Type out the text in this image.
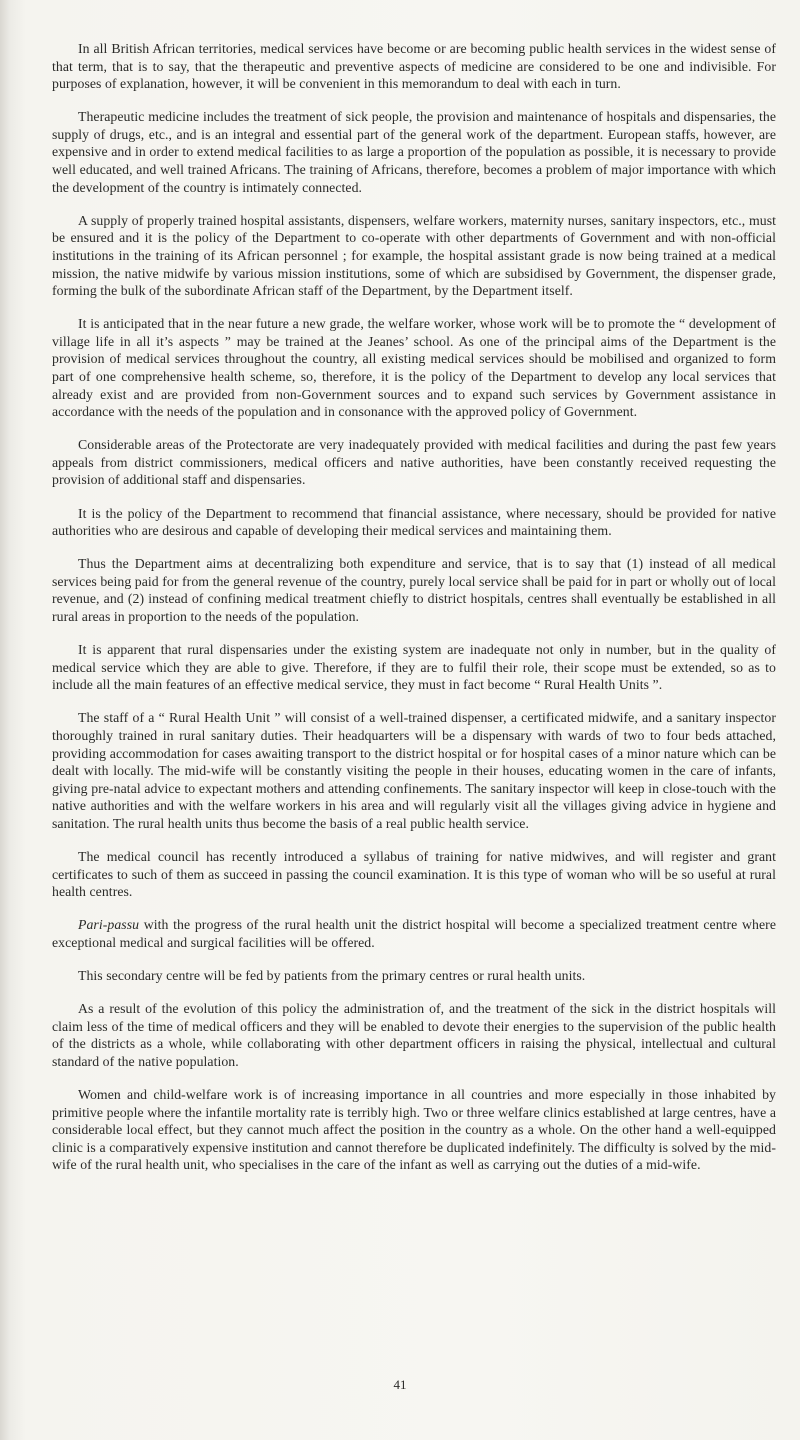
In all British African territories, medical services have become or are becoming public health services in the widest sense of that term, that is to say, that the therapeutic and preventive aspects of medicine are considered to be one and indivisible. For purposes of explanation, however, it will be convenient in this memorandum to deal with each in turn.

Therapeutic medicine includes the treatment of sick people, the provision and maintenance of hospitals and dispensaries, the supply of drugs, etc., and is an integral and essential part of the general work of the department. European staffs, however, are expensive and in order to extend medical facilities to as large a proportion of the population as possible, it is necessary to provide well educated, and well trained Africans. The training of Africans, therefore, becomes a problem of major importance with which the development of the country is intimately connected.

A supply of properly trained hospital assistants, dispensers, welfare workers, maternity nurses, sanitary inspectors, etc., must be ensured and it is the policy of the Department to co-operate with other departments of Government and with non-official institutions in the training of its African personnel ; for example, the hospital assistant grade is now being trained at a medical mission, the native midwife by various mission institutions, some of which are subsidised by Government, the dispenser grade, forming the bulk of the subordinate African staff of the Department, by the Department itself.

It is anticipated that in the near future a new grade, the welfare worker, whose work will be to promote the “ development of village life in all it’s aspects ” may be trained at the Jeanes’ school. As one of the principal aims of the Department is the provision of medical services throughout the country, all existing medical services should be mobilised and organized to form part of one comprehensive health scheme, so, therefore, it is the policy of the Department to develop any local services that already exist and are provided from non-Government sources and to expand such services by Government assistance in accordance with the needs of the population and in consonance with the approved policy of Government.

Considerable areas of the Protectorate are very inadequately provided with medical facilities and during the past few years appeals from district commissioners, medical officers and native authorities, have been constantly received requesting the provision of additional staff and dispensaries.

It is the policy of the Department to recommend that financial assistance, where necessary, should be provided for native authorities who are desirous and capable of developing their medical services and maintaining them.

Thus the Department aims at decentralizing both expenditure and service, that is to say that (1) instead of all medical services being paid for from the general revenue of the country, purely local service shall be paid for in part or wholly out of local revenue, and (2) instead of confining medical treatment chiefly to district hospitals, centres shall eventually be established in all rural areas in proportion to the needs of the population.

It is apparent that rural dispensaries under the existing system are inadequate not only in number, but in the quality of medical service which they are able to give. Therefore, if they are to fulfil their role, their scope must be extended, so as to include all the main features of an effective medical service, they must in fact become “ Rural Health Units ”.

The staff of a “ Rural Health Unit ” will consist of a well-trained dispenser, a certificated midwife, and a sanitary inspector thoroughly trained in rural sanitary duties. Their headquarters will be a dispensary with wards of two to four beds attached, providing accommodation for cases awaiting transport to the district hospital or for hospital cases of a minor nature which can be dealt with locally. The mid-wife will be constantly visiting the people in their houses, educating women in the care of infants, giving pre-natal advice to expectant mothers and attending confinements. The sanitary inspector will keep in close-touch with the native authorities and with the welfare workers in his area and will regularly visit all the villages giving advice in hygiene and sanitation. The rural health units thus become the basis of a real public health service.

The medical council has recently introduced a syllabus of training for native midwives, and will register and grant certificates to such of them as succeed in passing the council examination. It is this type of woman who will be so useful at rural health centres.

Pari-passu with the progress of the rural health unit the district hospital will become a specialized treatment centre where exceptional medical and surgical facilities will be offered.

This secondary centre will be fed by patients from the primary centres or rural health units.

As a result of the evolution of this policy the administration of, and the treatment of the sick in the district hospitals will claim less of the time of medical officers and they will be enabled to devote their energies to the supervision of the public health of the districts as a whole, while collaborating with other department officers in raising the physical, intellectual and cultural standard of the native population.

Women and child-welfare work is of increasing importance in all countries and more especially in those inhabited by primitive people where the infantile mortality rate is terribly high. Two or three welfare clinics established at large centres, have a considerable local effect, but they cannot much affect the position in the country as a whole. On the other hand a well-equipped clinic is a comparatively expensive institution and cannot therefore be duplicated indefinitely. The difficulty is solved by the mid-wife of the rural health unit, who specialises in the care of the infant as well as carrying out the duties of a mid-wife.

41
